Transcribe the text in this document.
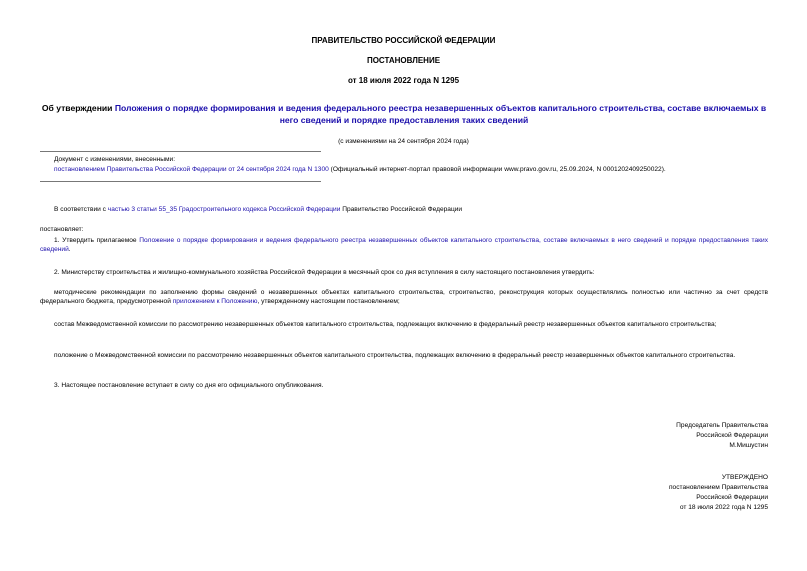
ПРАВИТЕЛЬСТВО РОССИЙСКОЙ ФЕДЕРАЦИИ
ПОСТАНОВЛЕНИЕ
от 18 июля 2022 года N 1295
Об утверждении Положения о порядке формирования и ведения федерального реестра незавершенных объектов капитального строительства, составе включаемых в него сведений и порядке предоставления таких сведений
(с изменениями на 24 сентября 2024 года)
Документ с изменениями, внесенными:
постановлением Правительства Российской Федерации от 24 сентября 2024 года N 1300 (Официальный интернет-портал правовой информации www.pravo.gov.ru, 25.09.2024, N 0001202409250022).
В соответствии с частью 3 статьи 55_35 Градостроительного кодекса Российской Федерации Правительство Российской Федерации
постановляет:
1. Утвердить прилагаемое Положение о порядке формирования и ведения федерального реестра незавершенных объектов капитального строительства, составе включаемых в него сведений и порядке предоставления таких сведений.
2. Министерству строительства и жилищно-коммунального хозяйства Российской Федерации в месячный срок со дня вступления в силу настоящего постановления утвердить:
методические рекомендации по заполнению формы сведений о незавершенных объектах капитального строительства, строительство, реконструкция которых осуществлялись полностью или частично за счет средств федерального бюджета, предусмотренной приложением к Положению, утвержденному настоящим постановлением;
состав Межведомственной комиссии по рассмотрению незавершенных объектов капитального строительства, подлежащих включению в федеральный реестр незавершенных объектов капитального строительства;
положение о Межведомственной комиссии по рассмотрению незавершенных объектов капитального строительства, подлежащих включению в федеральный реестр незавершенных объектов капитального строительства.
3. Настоящее постановление вступает в силу со дня его официального опубликования.
Председатель Правительства
Российской Федерации
М.Мишустин
УТВЕРЖДЕНО
постановлением Правительства
Российской Федерации
от 18 июля 2022 года N 1295
